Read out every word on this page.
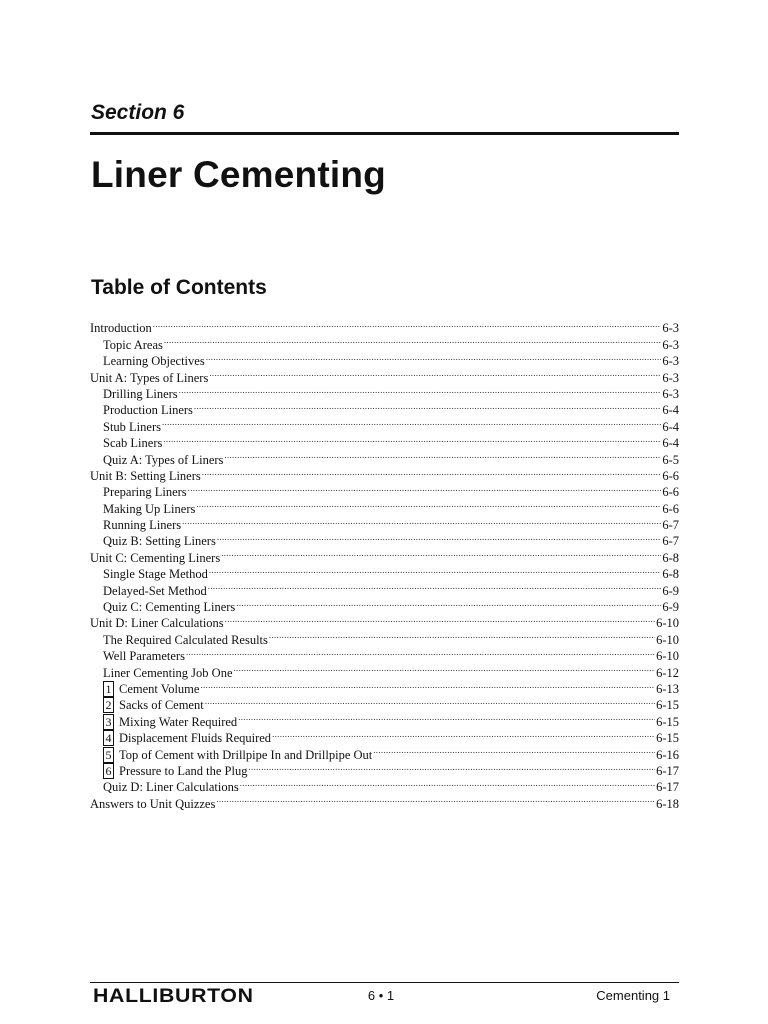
Section 6
Liner Cementing
Table of Contents
Introduction .....	6-3
Topic Areas .....	6-3
Learning Objectives .....	6-3
Unit A: Types of Liners .....	6-3
Drilling Liners .....	6-3
Production Liners .....	6-4
Stub Liners .....	6-4
Scab Liners .....	6-4
Quiz A: Types of Liners .....	6-5
Unit B: Setting Liners .....	6-6
Preparing Liners .....	6-6
Making Up Liners .....	6-6
Running Liners .....	6-7
Quiz B: Setting Liners .....	6-7
Unit C: Cementing Liners .....	6-8
Single Stage Method .....	6-8
Delayed-Set Method .....	6-9
Quiz C: Cementing Liners .....	6-9
Unit D: Liner Calculations .....	6-10
The Required Calculated Results .....	6-10
Well Parameters .....	6-10
Liner Cementing Job One .....	6-12
1 Cement Volume .....	6-13
2 Sacks of Cement .....	6-15
3 Mixing Water Required .....	6-15
4 Displacement Fluids Required .....	6-15
5 Top of Cement with Drillpipe In and Drillpipe Out .....	6-16
6 Pressure to Land the Plug .....	6-17
Quiz D: Liner Calculations .....	6-17
Answers to Unit Quizzes .....	6-18
HALLIBURTON	6 • 1	Cementing 1
